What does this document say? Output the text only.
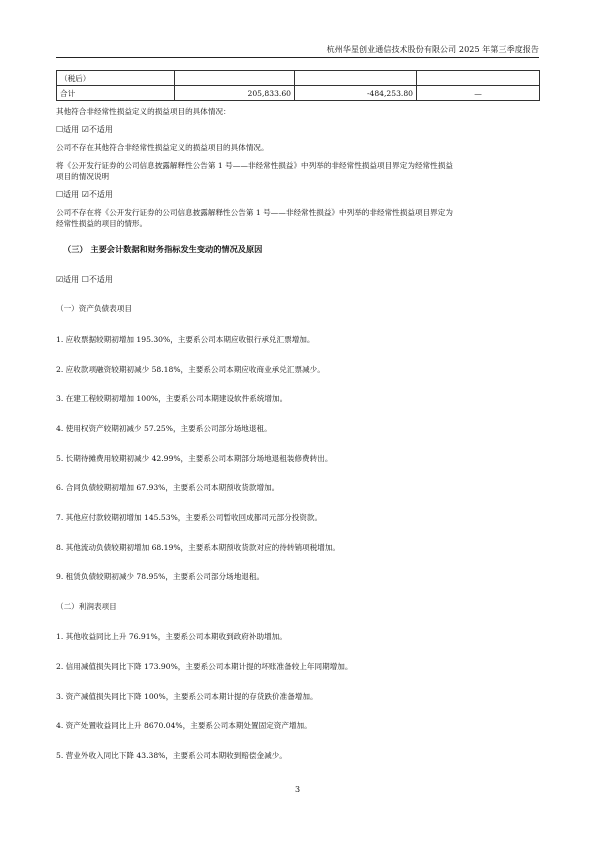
杭州华星创业通信技术股份有限公司 2025 年第三季度报告
（税后）			
合计	205,833.60	-484,253.80	—
其他符合非经常性损益定义的损益项目的具体情况：
☐适用 ☑不适用
公司不存在其他符合非经常性损益定义的损益项目的具体情况。
将《公开发行证券的公司信息披露解释性公告第 1 号——非经常性损益》中列举的非经常性损益项目界定为经常性损益
项目的情况说明
☐适用 ☑不适用
公司不存在将《公开发行证券的公司信息披露解释性公告第 1 号——非经常性损益》中列举的非经常性损益项目界定为
经常性损益的项目的情形。
（三） 主要会计数据和财务指标发生变动的情况及原因
☑适用 ☐不适用
（一）资产负债表项目
1. 应收票据较期初增加 195.30%，主要系公司本期应收银行承兑汇票增加。
2. 应收款项融资较期初减少 58.18%，主要系公司本期应收商业承兑汇票减少。
3. 在建工程较期初增加 100%，主要系公司本期建设软件系统增加。
4. 使用权资产较期初减少 57.25%，主要系公司部分场地退租。
5. 长期待摊费用较期初减少 42.99%，主要系公司本期部分场地退租装修费转出。
6. 合同负债较期初增加 67.93%，主要系公司本期预收货款增加。
7. 其他应付款较期初增加 145.53%，主要系公司暂收回成都司元部分投资款。
8. 其他流动负债较期初增加 68.19%，主要系本期预收货款对应的待转销项税增加。
9. 租赁负债较期初减少 78.95%，主要系公司部分场地退租。
（二）利润表项目
1. 其他收益同比上升 76.91%，主要系公司本期收到政府补助增加。
2. 信用减值损失同比下降 173.90%，主要系公司本期计提的坏账准备较上年同期增加。
3. 资产减值损失同比下降 100%，主要系公司本期计提的存货跌价准备增加。
4. 资产处置收益同比上升 8670.04%，主要系公司本期处置固定资产增加。
5. 营业外收入同比下降 43.38%，主要系公司本期收到赔偿金减少。
3
